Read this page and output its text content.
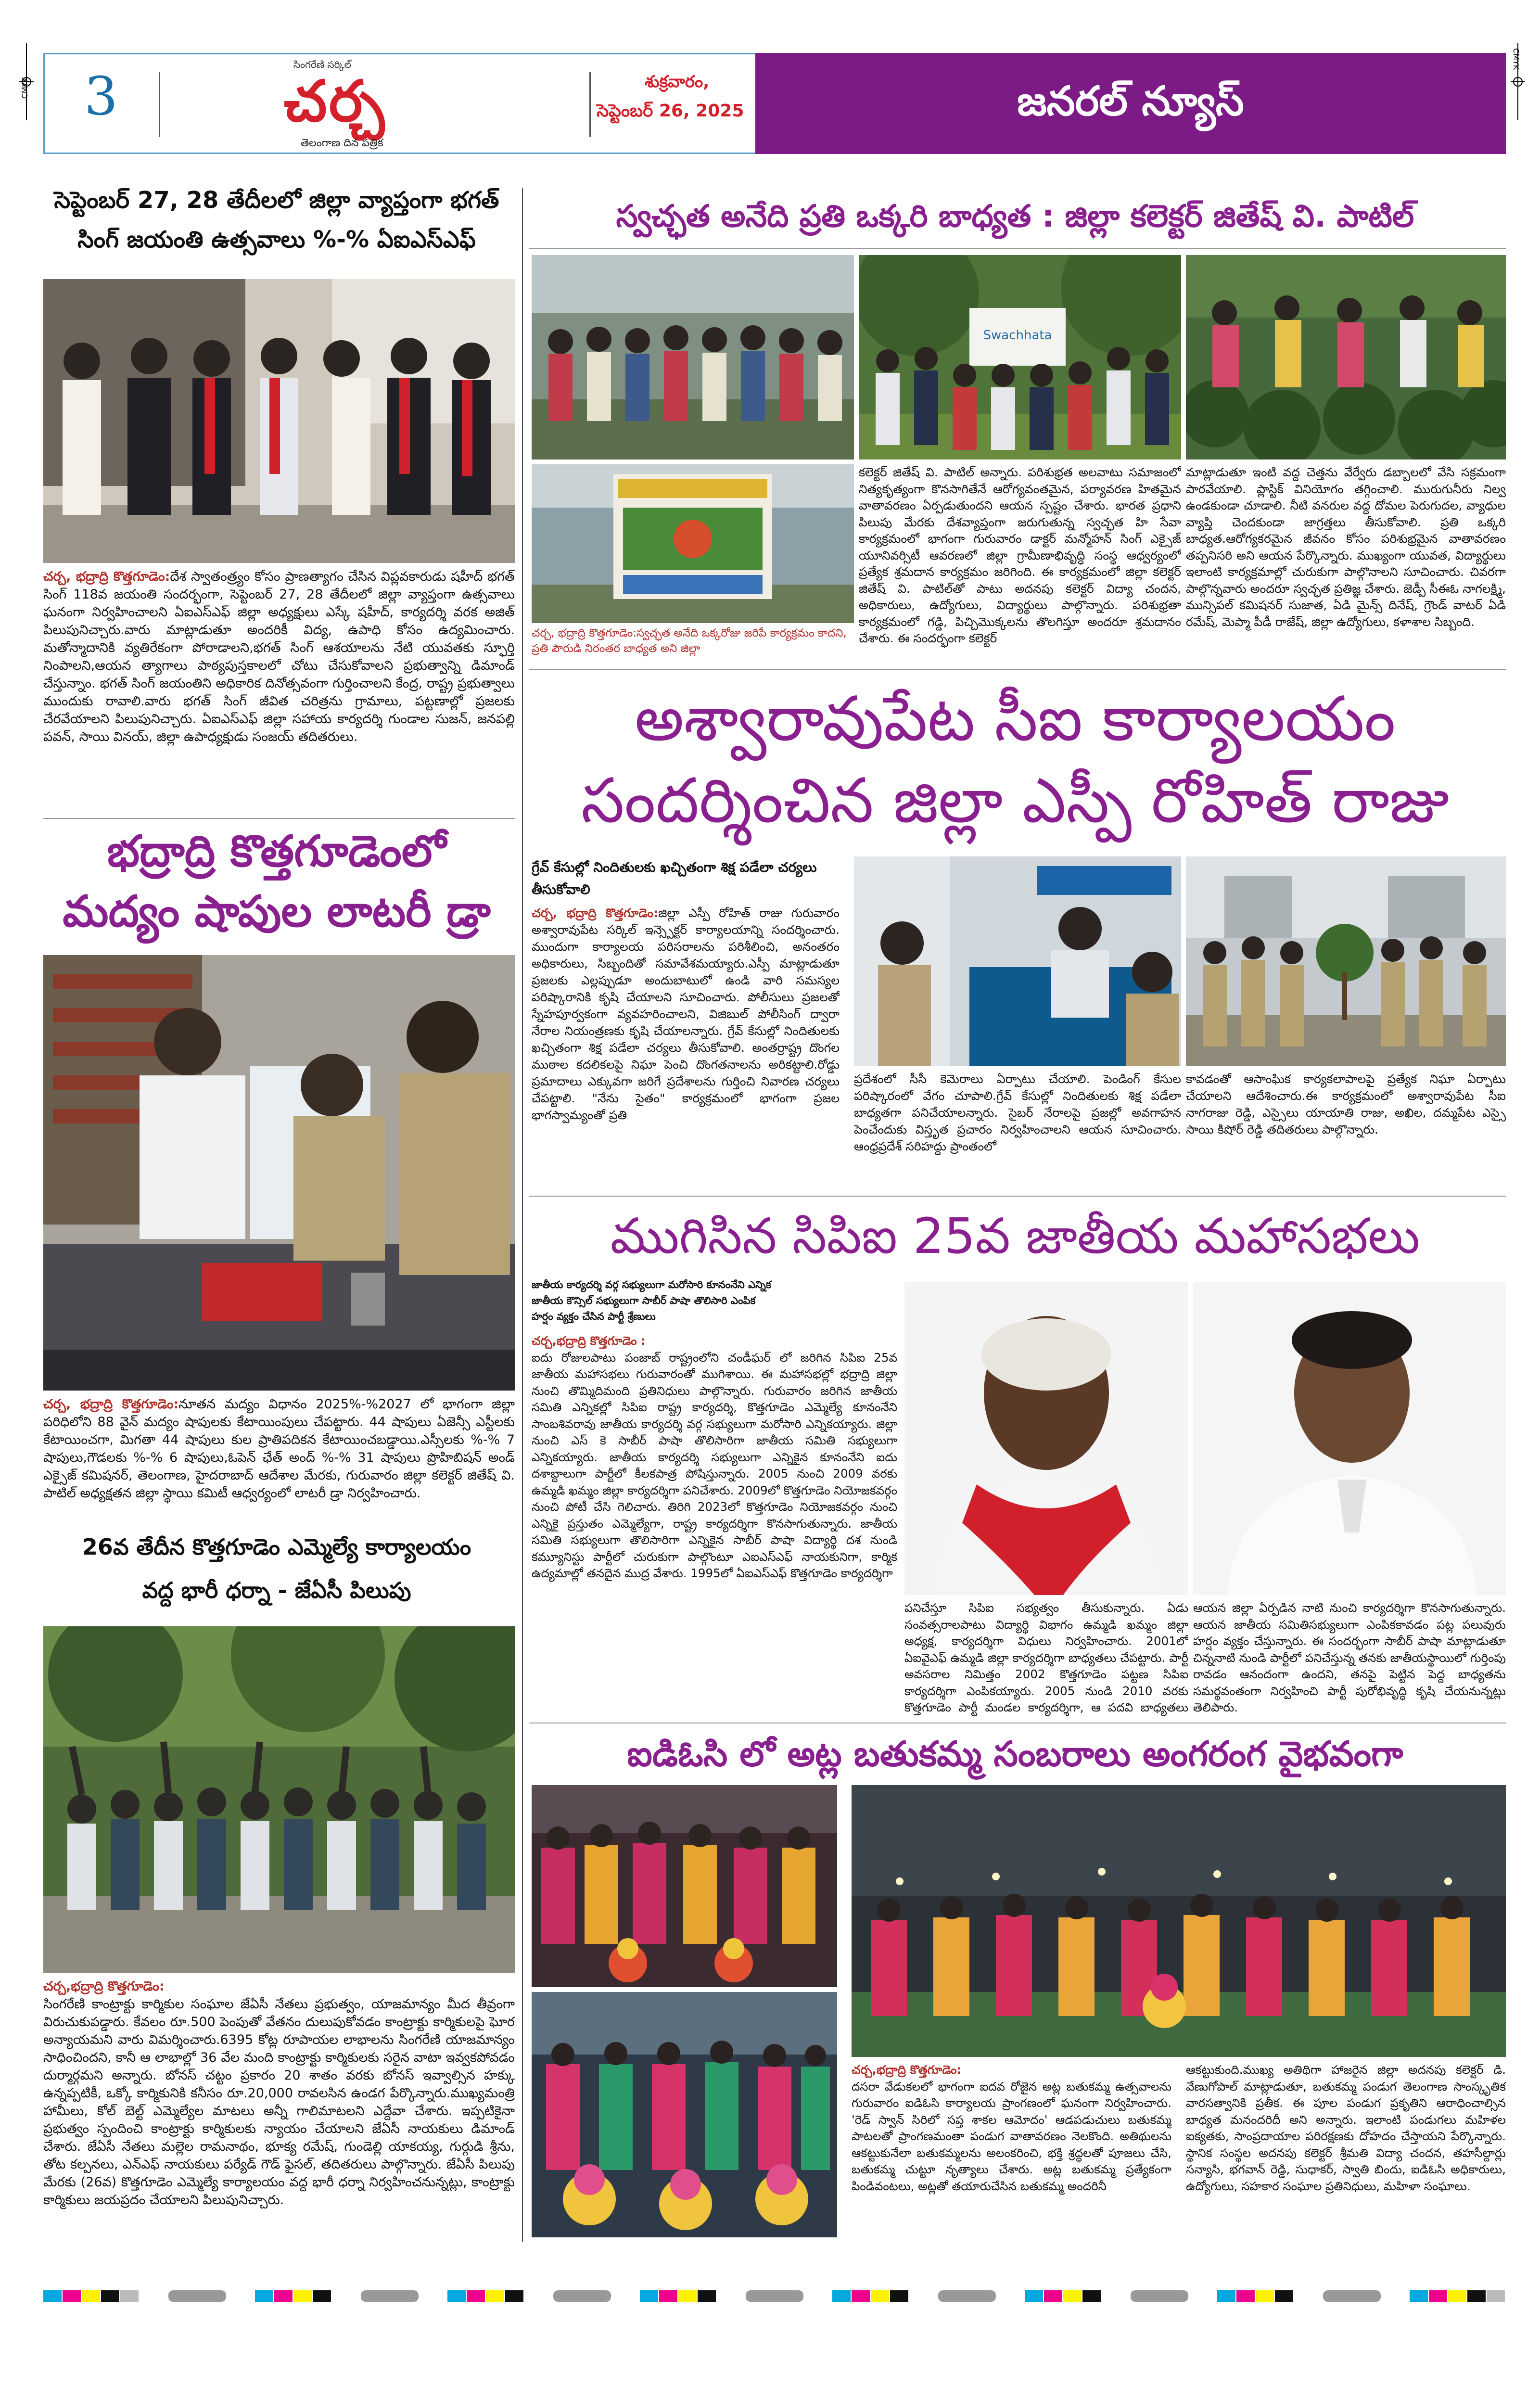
CMYK
CMYK
3
సింగరేణి సర్కిల్
చర్చ
తెలంగాణ దిన పత్రిక
శుక్రవారం,
సెప్టెంబర్ 26, 2025	జనరల్ న్యూస్
సెప్టెంబర్ 27, 28 తేదీలలో జిల్లా వ్యాప్తంగా భగత్ సింగ్ జయంతి ఉత్సవాలు %-% ఏఐఎస్ఎఫ్
చర్చ, భద్రాద్రి కొత్తగూడెం:దేశ స్వాతంత్ర్యం కోసం ప్రాణత్యాగం చేసిన విప్లవకారుడు షహీద్ భగత్ సింగ్ 118వ జయంతి సందర్భంగా, సెప్టెంబర్ 27, 28 తేదీలలో జిల్లా వ్యాప్తంగా ఉత్సవాలు ఘనంగా నిర్వహించాలని ఏఐఎస్ఎఫ్ జిల్లా అధ్యక్షులు ఎస్కే షహీద్, కార్యదర్శి వరక అజిత్ పిలుపునిచ్చారు.వారు మాట్లాడుతూ అందరికీ విద్య, ఉపాధి కోసం ఉద్యమించారు. మతోన్మాదానికి వ్యతిరేకంగా పోరాడాలని,భగత్ సింగ్ ఆశయాలను నేటి యువతకు స్ఫూర్తి నింపాలని,ఆయన త్యాగాలు పాఠ్యపుస్తకాలలో చోటు చేసుకోవాలని ప్రభుత్వాన్ని డిమాండ్ చేస్తున్నాం. భగత్ సింగ్ జయంతిని అధికారిక దినోత్సవంగా గుర్తించాలని కేంద్ర, రాష్ట్ర ప్రభుత్వాలు ముందుకు రావాలి.వారు భగత్ సింగ్ జీవిత చరిత్రను గ్రామాలు, పట్టణాల్లో ప్రజలకు చేరవేయాలని పిలుపునిచ్చారు. ఏఐఎస్ఎఫ్ జిల్లా సహాయ కార్యదర్శి గుండాల సుజన్, జనపల్లి పవన్, సాయి వినయ్, జిల్లా ఉపాధ్యక్షుడు సంజయ్ తదితరులు.
భద్రాద్రి కొత్తగూడెంలో
మద్యం షాపుల లాటరీ డ్రా
చర్చ, భద్రాద్రి కొత్తగూడెం:నూతన మద్యం విధానం 2025%-%2027 లో భాగంగా జిల్లా పరిధిలోని 88 వైన్ మద్యం షాపులకు కేటాయింపులు చేపట్టారు. 44 షాపులు ఏజెన్సీ ఎస్టీలకు కేటాయించగా, మిగతా 44 షాపులు కుల ప్రాతిపదికన కేటాయించబడ్డాయి.ఎస్సీలకు %-% 7 షాపులు,గౌడలకు %-% 6 షాపులు,ఓపెన్ ఛేత్ అంద్ %-% 31 షాపులు ప్రొహిబిషన్ అండ్ ఎక్సైజ్ కమిషనర్, తెలంగాణ, హైదరాబాద్ ఆదేశాల మేరకు, గురువారం జిల్లా కలెక్టర్ జితేష్ వి. పాటిల్ అధ్యక్షతన జిల్లా స్థాయి కమిటీ ఆధ్వర్యంలో లాటరీ డ్రా నిర్వహించారు.
26వ తేదీన కొత్తగూడెం ఎమ్మెల్యే కార్యాలయం
వద్ద భారీ ధర్నా - జేఏసీ పిలుపు
చర్చ,భద్రాద్రి కొత్తగూడెం:
సింగరేణి కాంట్రాక్టు కార్మికుల సంఘాల జేఏసీ నేతలు ప్రభుత్వం, యాజమాన్యం మీద తీవ్రంగా విరుచుకుపడ్డారు. కేవలం రూ.500 పెంపుతో వేతనం దులుపుకోవడం కాంట్రాక్టు కార్మికులపై ఘోర అన్యాయమని వారు విమర్శించారు.6395 కోట్ల రూపాయల లాభాలను సింగరేణి యాజమాన్యం సాధించిందని, కానీ ఆ లాభాల్లో 36 వేల మంది కాంట్రాక్టు కార్మికులకు సరైన వాటా ఇవ్వకపోవడం దుర్మార్గమని అన్నారు. బోనస్ చట్టం ప్రకారం 20 శాతం వరకు బోనస్ ఇవ్వాల్సిన హక్కు ఉన్నప్పటికీ, ఒక్కో కార్మికునికి కనీసం రూ.20,000 రావలసిన ఉండగ పేర్కొన్నారు.ముఖ్యమంత్రి హామీలు, కోల్ బెల్ట్ ఎమ్మెల్యేల మాటలు అన్నీ గాలిమాటలని ఎద్దేవా చేశారు. ఇప్పటికైనా ప్రభుత్వం స్పందించి కాంట్రాక్టు కార్మికులకు న్యాయం చేయాలని జేఏసీ నాయకులు డిమాండ్ చేశారు. జేఏసీ నేతలు మల్లెల రామనాథం, భూక్య రమేష్, గుండెల్లి యాకయ్య, గుర్గుడి శ్రీను, తోట కల్పనలు, ఎన్ఎఫ్ నాయకులు పర్యేడ్ గౌడ్ ఫైసల్, తదితరులు పాల్గొన్నారు. జేఏసీ పిలుపు మేరకు (26వ) కొత్తగూడెం ఎమ్మెల్యే కార్యాలయం వద్ద భారీ ధర్నా నిర్వహించనున్నట్లు, కాంట్రాక్టు కార్మికులు జయప్రదం చేయాలని పిలుపునిచ్చారు.
స్వచ్ఛత అనేది ప్రతి ఒక్కరి బాధ్యత : జిల్లా కలెక్టర్ జితేష్ వి. పాటిల్
Swachhata
చర్చ, భద్రాద్రి కొత్తగూడెం:స్వచ్ఛత అనేది ఒక్కరోజు జరిపే కార్యక్రమం కాదని, ప్రతి పౌరుడి నిరంతర బాధ్యత అని జిల్లా
కలెక్టర్ జితేష్ వి. పాటిల్ అన్నారు. పరిశుభ్రత అలవాటు సమాజంలో నిత్యకృత్యంగా కొనసాగితేనే ఆరోగ్యవంతమైన, పర్యావరణ హితమైన వాతావరణం ఏర్పడుతుందని ఆయన స్పష్టం చేశారు. భారత ప్రధాని పిలుపు మేరకు దేశవ్యాప్తంగా జరుగుతున్న స్వచ్ఛత హి సేవా కార్యక్రమంలో భాగంగా గురువారం డాక్టర్ మన్మోహన్ సింగ్ ఎక్సైజ్ యూనివర్సిటీ ఆవరణలో జిల్లా గ్రామీణాభివృద్ధి సంస్థ ఆధ్వర్యంలో ప్రత్యేక శ్రమదాన కార్యక్రమం జరిగింది. ఈ కార్యక్రమంలో జిల్లా కలెక్టర్ జితేష్ వి. పాటిల్‌తో పాటు అదనపు కలెక్టర్ విద్యా చందన, అధికారులు, ఉద్యోగులు, విద్యార్థులు పాల్గొన్నారు. పరిశుభ్రతా కార్యక్రమంలో గడ్డి, పిచ్చిమొక్కలను తొలగిస్తూ అందరూ శ్రమదానం చేశారు. ఈ సందర్భంగా కలెక్టర్
మాట్లాడుతూ ఇంటి వద్ద చెత్తను వేర్వేరు డబ్బాలలో వేసి సక్రమంగా పారవేయాలి. ప్లాస్టిక్ వినియోగం తగ్గించాలి. మురుగునీరు నిల్వ ఉండకుండా చూడాలి. నీటి వనరుల వద్ద దోమల పెరుగుదల, వ్యాధుల వ్యాప్తి చెందకుండా జాగ్రత్తలు తీసుకోవాలి. ప్రతి ఒక్కరి బాధ్యత.ఆరోగ్యకరమైన జీవనం కోసం పరిశుభ్రమైన వాతావరణం తప్పనిసరి అని ఆయన పేర్కొన్నారు. ముఖ్యంగా యువత, విద్యార్థులు ఇలాంటి కార్యక్రమాల్లో చురుకుగా పాల్గొనాలని సూచించారు. చివరగా పాల్గొన్నవారు అందరూ స్వచ్ఛత ప్రతిజ్ఞ చేశారు. జెడ్పీ సీఈఓ నాగలక్ష్మి, మున్సిపల్ కమిషనర్ సుజాత, ఏడి మైన్స్ దినేష్, గ్రౌండ్ వాటర్ ఏడి రమేష్, మెప్మా పీడీ రాజేష్, జిల్లా ఉద్యోగులు, కళాశాల సిబ్బంది.
అశ్వారావుపేట సీఐ కార్యాలయం
సందర్శించిన జిల్లా ఎస్పీ రోహిత్ రాజు
గ్రేవ్ కేసుల్లో నిందితులకు ఖచ్చితంగా శిక్ష పడేలా చర్యలు తీసుకోవాలి
చర్చ, భద్రాద్రి కొత్తగూడెం:జిల్లా ఎస్పీ రోహిత్ రాజు గురువారం అశ్వారావుపేట సర్కిల్ ఇన్స్పెక్టర్ కార్యాలయాన్ని సందర్శించారు. ముందుగా కార్యాలయ పరిసరాలను పరిశీలించి, అనంతరం అధికారులు, సిబ్బందితో సమావేశమయ్యారు.ఎస్పీ మాట్లాడుతూ ప్రజలకు ఎల్లప్పుడూ అందుబాటులో ఉండి వారి సమస్యల పరిష్కారానికి కృషి చేయాలని సూచించారు. పోలీసులు ప్రజలతో స్నేహపూర్వకంగా వ్యవహరించాలని, విజిబుల్ పోలీసింగ్ ద్వారా నేరాల నియంత్రణకు కృషి చేయాలన్నారు. గ్రేవ్ కేసుల్లో నిందితులకు ఖచ్చితంగా శిక్ష పడేలా చర్యలు తీసుకోవాలి. అంతర్రాష్ట్ర దొంగల ముఠాల కదలికలపై నిఘా పెంచి దొంగతనాలను అరికట్టాలి.రోడ్డు ప్రమాదాలు ఎక్కువగా జరిగే ప్రదేశాలను గుర్తించి నివారణ చర్యలు చేపట్టాలి. "నేను సైతం" కార్యక్రమంలో భాగంగా ప్రజల భాగస్వామ్యంతో ప్రతి
ప్రదేశంలో సీసీ కెమెరాలు ఏర్పాటు చేయాలి. పెండింగ్ కేసుల పరిష్కారంలో వేగం చూపాలి.గ్రేవ్ కేసుల్లో నిందితులకు శిక్ష పడేలా బాధ్యతగా పనిచేయాలన్నారు. సైబర్ నేరాలపై ప్రజల్లో అవగాహన పెంచేందుకు విస్తృత ప్రచారం నిర్వహించాలని ఆయన సూచించారు. ఆంధ్రప్రదేశ్ సరిహద్దు ప్రాంతంలో
కావడంతో ఆసాంఘిక కార్యకలాపాలపై ప్రత్యేక నిఘా ఏర్పాటు చేయాలని ఆదేశించారు.ఈ కార్యక్రమంలో అశ్వారావుపేట సీఐ నాగరాజు రెడ్డి, ఎస్సైలు యాయాతి రాజు, అఖిల, దమ్మపేట ఎస్సై సాయి కిషోర్ రెడ్డి తదితరులు పాల్గొన్నారు.
ముగిసిన సిపిఐ 25వ జాతీయ మహాసభలు
జాతీయ కార్యదర్శి వర్గ సభ్యులుగా మరోసారి కూనంనేని ఎన్నిక
జాతీయ కౌన్సిల్ సభ్యులుగా సాబీర్ పాషా తొలిసారి ఎంపిక
హర్షం వ్యక్తం చేసిన పార్టీ శ్రేణులు
చర్చ,భద్రాద్రి కొత్తగూడెం :
ఐదు రోజులపాటు పంజాబ్ రాష్ట్రంలోని చండీఘర్ లో జరిగిన సిపిఐ 25వ జాతీయ మహాసభలు గురువారంతో ముగిశాయి. ఈ మహాసభల్లో భద్రాద్రి జిల్లా నుంచి తొమ్మిదిమంది ప్రతినిధులు పాల్గొన్నారు. గురువారం జరిగిన జాతీయ సమితి ఎన్నికల్లో సిపిఐ రాష్ట్ర కార్యదర్శి, కొత్తగూడెం ఎమ్మెల్యే కూనంనేని సాంబశివరావు జాతీయ కార్యదర్శి వర్గ సభ్యులుగా మరోసారి ఎన్నికయ్యారు. జిల్లా నుంచి ఎస్ కె సాబీర్ పాషా తొలిసారిగా జాతీయ సమితి సభ్యులుగా ఎన్నికయ్యారు. జాతీయ కార్యదర్శి సభ్యులుగా ఎన్నికైన కూనంనేని ఐదు దశాబ్దాలుగా పార్టీలో కీలకపాత్ర పోషిస్తున్నారు. 2005 నుంచి 2009 వరకు ఉమ్మడి ఖమ్మం జిల్లా కార్యదర్శిగా పనిచేశారు. 2009లో కొత్తగూడెం నియోజకవర్గం నుంచి పోటీ చేసి గెలిచారు. తిరిగి 2023లో కొత్తగూడెం నియోజకవర్గం నుంచి ఎన్నికై ప్రస్తుతం ఎమ్మెల్యేగా, రాష్ట్ర కార్యదర్శిగా కొనసాగుతున్నారు. జాతీయ సమితి సభ్యులుగా తొలిసారిగా ఎన్నికైన సాబీర్ పాషా విద్యార్థి దశ నుండి కమ్యూనిస్టు పార్టీలో చురుకుగా పాల్గొంటూ ఎఐఎస్ఎఫ్ నాయకునిగా, కార్మిక ఉద్యమాల్లో తనదైన ముద్ర వేశారు. 1995లో ఏఐఎస్ఎఫ్ కొత్తగూడెం కార్యదర్శిగా
పనిచేస్తూ సిపిఐ సభ్యత్వం తీసుకున్నారు. ఏడు సంవత్సరాలపాటు విద్యార్థి విభాగం ఉమ్మడి ఖమ్మం జిల్లా అధ్యక్ష, కార్యదర్శిగా విధులు నిర్వహించారు. 2001లో ఏఐవైఎఫ్ ఉమ్మడి జిల్లా కార్యదర్శిగా బాధ్యతలు చేపట్టారు. పార్టీ అవసరాల నిమిత్తం 2002 కొత్తగూడెం పట్టణ సిపిఐ కార్యదర్శిగా ఎంపికయ్యారు. 2005 నుండి 2010 వరకు కొత్తగూడెం పార్టీ మండల కార్యదర్శిగా, ఆ పదవి బాధ్యతలు
ఆయన జిల్లా ఏర్పడిన నాటి నుంచి కార్యదర్శిగా కొనసాగుతున్నారు. ఆయన జాతీయ సమితిసభ్యులుగా ఎంపికకావడం పట్ల పలువురు హర్షం వ్యక్తం చేస్తున్నారు. ఈ సందర్భంగా సాబీర్ పాషా మాట్లాడుతూ చిన్ననాటి నుండి పార్టీలో పనిచేస్తున్న తనకు జాతీయస్థాయిలో గుర్తింపు రావడం ఆనందంగా ఉందని, తనపై పెట్టిన పెద్ద బాధ్యతను సమర్థవంతంగా నిర్వహించి పార్టీ పురోభివృద్ధి కృషి చేయనున్నట్లు తెలిపారు.
ఐడిఓసి లో అట్ల బతుకమ్మ సంబరాలు అంగరంగ వైభవంగా
చర్చ,భద్రాద్రి కొత్తగూడెం:
దసరా వేడుకలలో భాగంగా ఐదవ రోజైన అట్ల బతుకమ్మ ఉత్సవాలను గురువారం ఐడిఓసి కార్యాలయ ప్రాంగణంలో ఘనంగా నిర్వహించారు. 'రెడ్ స్వాన్ సిరిలో సప్త శాకల ఆమోదం' ఆడపడుచులు బతుకమ్మ పాటలతో ప్రాంగణమంతా పండుగ వాతావరణం నెలకొంది. అతిథులను ఆకట్టుకునేలా బతుకమ్మలను అలంకరించి, భక్తి శ్రద్ధలతో పూజలు చేసి, బతుకమ్మ చుట్టూ నృత్యాలు చేశారు. అట్ల బతుకమ్మ ప్రత్యేకంగా పిండివంటలు, అట్లతో తయారుచేసిన బతుకమ్మ అందరినీ
ఆకట్టుకుంది.ముఖ్య అతిథిగా హాజరైన జిల్లా అదనపు కలెక్టర్ డి. వేణుగోపాల్ మాట్లాడుతూ, బతుకమ్మ పండుగ తెలంగాణ సాంస్కృతిక వారసత్వానికి ప్రతీక. ఈ పూల పండుగ ప్రకృతిని ఆరాధించాల్సిన బాధ్యత మనందరిదీ అని అన్నారు. ఇలాంటి పండుగలు మహిళల ఐక్యతకు, సాంప్రదాయాల పరిరక్షణకు దోహదం చేస్తాయని పేర్కొన్నారు. స్థానిక సంస్థల అదనపు కలెక్టర్ శ్రీమతి విద్యా చందన, తహసీల్దార్లు సన్యాసి, భగవాన్ రెడ్డి, సుధాకర్, స్వాతి బిందు, ఐడిఓసి అధికారులు, ఉద్యోగులు, సహకార సంఘాల ప్రతినిధులు, మహిళా సంఘాలు.
